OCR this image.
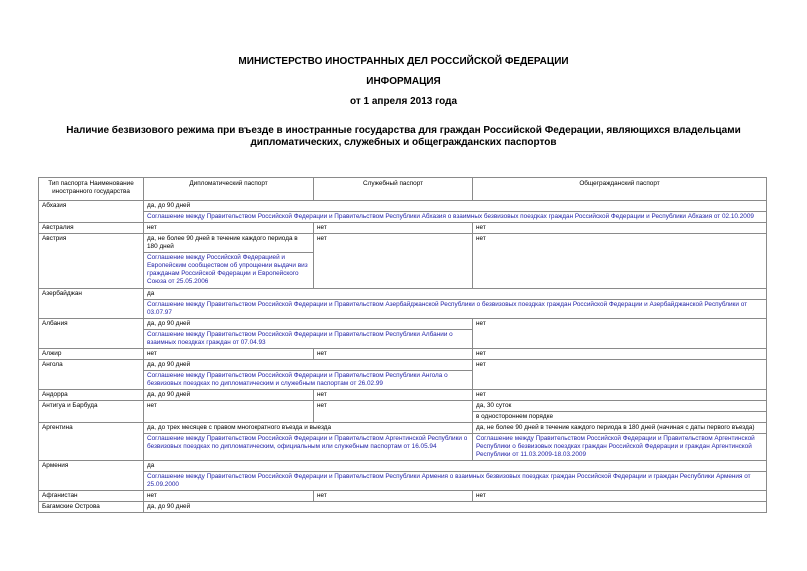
МИНИСТЕРСТВО ИНОСТРАННЫХ ДЕЛ РОССИЙСКОЙ ФЕДЕРАЦИИ
ИНФОРМАЦИЯ
от 1 апреля 2013 года
Наличие безвизового режима при въезде в иностранные государства для граждан Российской Федерации, являющихся владельцами дипломатических, служебных и общегражданских паспортов
Тип паспорта Наименование иностранного государства	Дипломатический паспорт	Служебный паспорт	Общегражданский паспорт
Абхазия	да, до 90 дней		
	Соглашение между Правительством Российской Федерации и Правительством Республики Абхазия о взаимных безвизовых поездках граждан Российской Федерации и Республики Абхазия от 02.10.2009		
Австралия	нет	нет	нет
Австрия	да, не более 90 дней в течение каждого периода в 180 дней	нет	нет
	Соглашение между Российской Федерацией и Европейским сообществом об упрощении выдачи виз гражданам Российской Федерации и Европейского Союза от 25.05.2006		
Азербайджан	да		
	Соглашение между Правительством Российской Федерации и Правительством Азербайджанской Республики о безвизовых поездках граждан Российской Федерации и Азербайджанской Республики от 03.07.97		
Албания	да, до 90 дней		нет
	Соглашение между Правительством Российской Федерации и Правительством Республики Албании о взаимных поездках граждан от 07.04.93		
Алжир	нет	нет	нет
Ангола	да, до 90 дней		нет
	Соглашение между Правительством Российской Федерации и Правительством Республики Ангола о безвизовых поездках по дипломатическим и служебным паспортам от 26.02.99		
Андорра	да, до 90 дней	нет	нет
Антигуа и Барбуда	нет	нет	да, 30 суток
			в одностороннем порядке
Аргентина	да, до трех месяцев с правом многократного въезда и выезда		да, не более 90 дней в течение каждого периода в 180 дней (начиная с даты первого въезда)
	Соглашение между Правительством Российской Федерации и Правительством Аргентинской Республики о безвизовых поездках по дипломатическим, официальным или служебным паспортам от 16.05.94		Соглашение между Правительством Российской Федерации и Правительством Аргентинской Республики о безвизовых поездках граждан Российской Федерации и граждан Аргентинской Республики от 11.03.2009-18.03.2009
Армения	да		
	Соглашение между Правительством Российской Федерации и Правительством Республики Армения о взаимных безвизовых поездках граждан Российской Федерации и граждан Республики Армения от 25.09.2000		
Афганистан	нет	нет	нет
Багамские Острова	да, до 90 дней		
